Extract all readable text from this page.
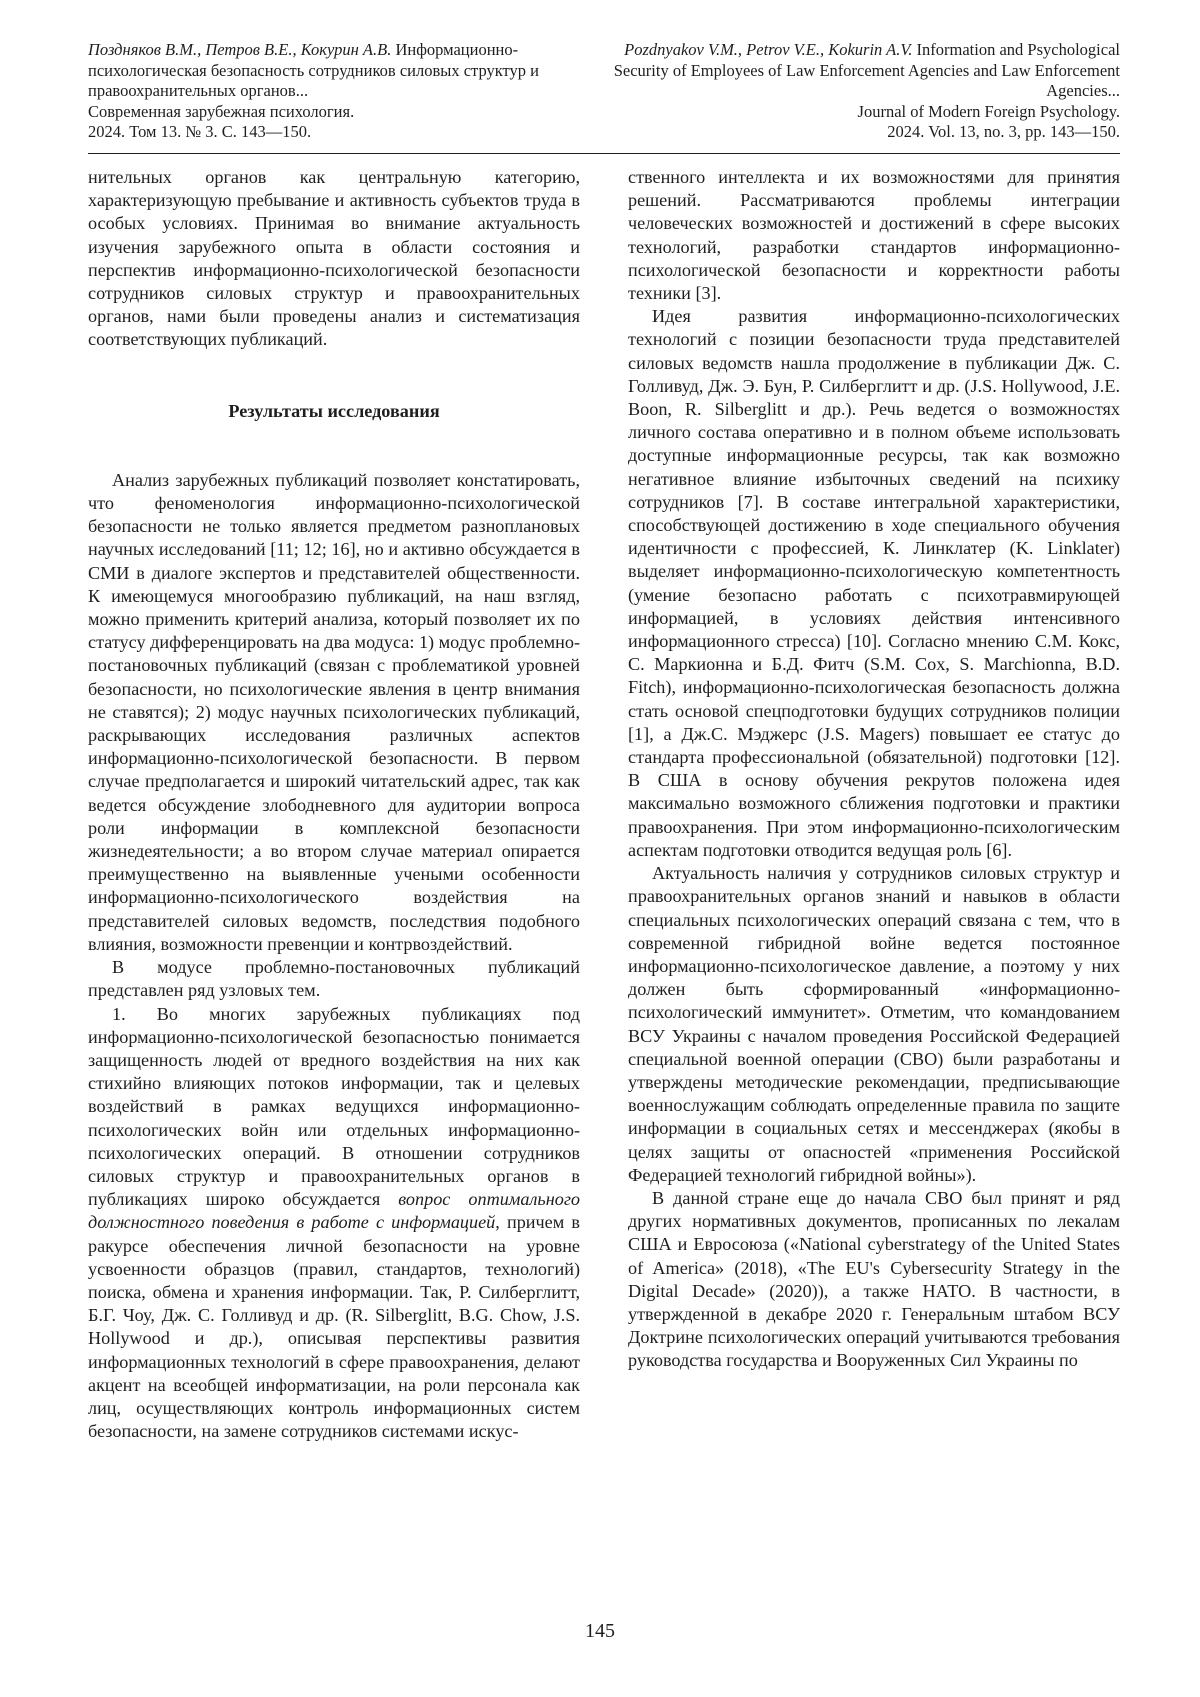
Поздняков В.М., Петров В.Е., Кокурин А.В. Информационно-психологическая безопасность сотрудников силовых структур и правоохранительных органов...
Современная зарубежная психология.
2024. Том 13. № 3. С. 143—150.
Pozdnyakov V.M., Petrov V.E., Kokurin A.V. Information and Psychological Security of Employees of Law Enforcement Agencies and Law Enforcement Agencies...
Journal of Modern Foreign Psychology.
2024. Vol. 13, no. 3, pp. 143—150.

нительных органов как центральную категорию, характеризующую пребывание и активность субъектов труда в особых условиях. Принимая во внимание актуальность изучения зарубежного опыта в области состояния и перспектив информационно-психологической безопасности сотрудников силовых структур и правоохранительных органов, нами были проведены анализ и систематизация соответствующих публикаций.

Результаты исследования

Анализ зарубежных публикаций позволяет констатировать, что феноменология информационно-психологической безопасности не только является предметом разноплановых научных исследований [11; 12; 16], но и активно обсуждается в СМИ в диалоге экспертов и представителей общественности. К имеющемуся многообразию публикаций, на наш взгляд, можно применить критерий анализа, который позволяет их по статусу дифференцировать на два модуса: 1) модус проблемно-постановочных публикаций (связан с проблематикой уровней безопасности, но психологические явления в центр внимания не ставятся); 2) модус научных психологических публикаций, раскрывающих исследования различных аспектов информационно-психологической безопасности. В первом случае предполагается и широкий читательский адрес, так как ведется обсуждение злободневного для аудитории вопроса роли информации в комплексной безопасности жизнедеятельности; а во втором случае материал опирается преимущественно на выявленные учеными особенности информационно-психологического воздействия на представителей силовых ведомств, последствия подобного влияния, возможности превенции и контрвоздействий.

В модусе проблемно-постановочных публикаций представлен ряд узловых тем.

1. Во многих зарубежных публикациях под информационно-психологической безопасностью понимается защищенность людей от вредного воздействия на них как стихийно влияющих потоков информации, так и целевых воздействий в рамках ведущихся информационно-психологических войн или отдельных информационно-психологических операций. В отношении сотрудников силовых структур и правоохранительных органов в публикациях широко обсуждается вопрос оптимального должностного поведения в работе с информацией, причем в ракурсе обеспечения личной безопасности на уровне усвоенности образцов (правил, стандартов, технологий) поиска, обмена и хранения информации. Так, Р. Силберглитт, Б.Г. Чоу, Дж. С. Голливуд и др. (R. Silberglitt, B.G. Chow, J.S. Hollywood и др.), описывая перспективы развития информационных технологий в сфере правоохранения, делают акцент на всеобщей информатизации, на роли персонала как лиц, осуществляющих контроль информационных систем безопасности, на замене сотрудников системами искус-

ственного интеллекта и их возможностями для принятия решений. Рассматриваются проблемы интеграции человеческих возможностей и достижений в сфере высоких технологий, разработки стандартов информационно-психологической безопасности и корректности работы техники [3].

Идея развития информационно-психологических технологий с позиции безопасности труда представителей силовых ведомств нашла продолжение в публикации Дж. С. Голливуд, Дж. Э. Бун, Р. Силберглитт и др. (J.S. Hollywood, J.E. Boon, R. Silberglitt и др.). Речь ведется о возможностях личного состава оперативно и в полном объеме использовать доступные информационные ресурсы, так как возможно негативное влияние избыточных сведений на психику сотрудников [7]. В составе интегральной характеристики, способствующей достижению в ходе специального обучения идентичности с профессией, К. Линклатер (K. Linklater) выделяет информационно-психологическую компетентность (умение безопасно работать с психотравмирующей информацией, в условиях действия интенсивного информационного стресса) [10]. Согласно мнению С.М. Кокс, С. Маркионна и Б.Д. Фитч (S.M. Cox, S. Marchionna, B.D. Fitch), информационно-психологическая безопасность должна стать основой спецподготовки будущих сотрудников полиции [1], а Дж.С. Мэджерс (J.S. Magers) повышает ее статус до стандарта профессиональной (обязательной) подготовки [12]. В США в основу обучения рекрутов положена идея максимально возможного сближения подготовки и практики правоохранения. При этом информационно-психологическим аспектам подготовки отводится ведущая роль [6].

Актуальность наличия у сотрудников силовых структур и правоохранительных органов знаний и навыков в области специальных психологических операций связана с тем, что в современной гибридной войне ведется постоянное информационно-психологическое давление, а поэтому у них должен быть сформированный «информационно-психологический иммунитет». Отметим, что командованием ВСУ Украины с началом проведения Российской Федерацией специальной военной операции (СВО) были разработаны и утверждены методические рекомендации, предписывающие военнослужащим соблюдать определенные правила по защите информации в социальных сетях и мессенджерах (якобы в целях защиты от опасностей «применения Российской Федерацией технологий гибридной войны»).

В данной стране еще до начала СВО был принят и ряд других нормативных документов, прописанных по лекалам США и Евросоюза («National cyberstrategy of the United States of America» (2018), «The EU's Cybersecurity Strategy in the Digital Decade» (2020)), а также НАТО. В частности, в утвержденной в декабре 2020 г. Генеральным штабом ВСУ Доктрине психологических операций учитываются требования руководства государства и Вооруженных Сил Украины по

145
